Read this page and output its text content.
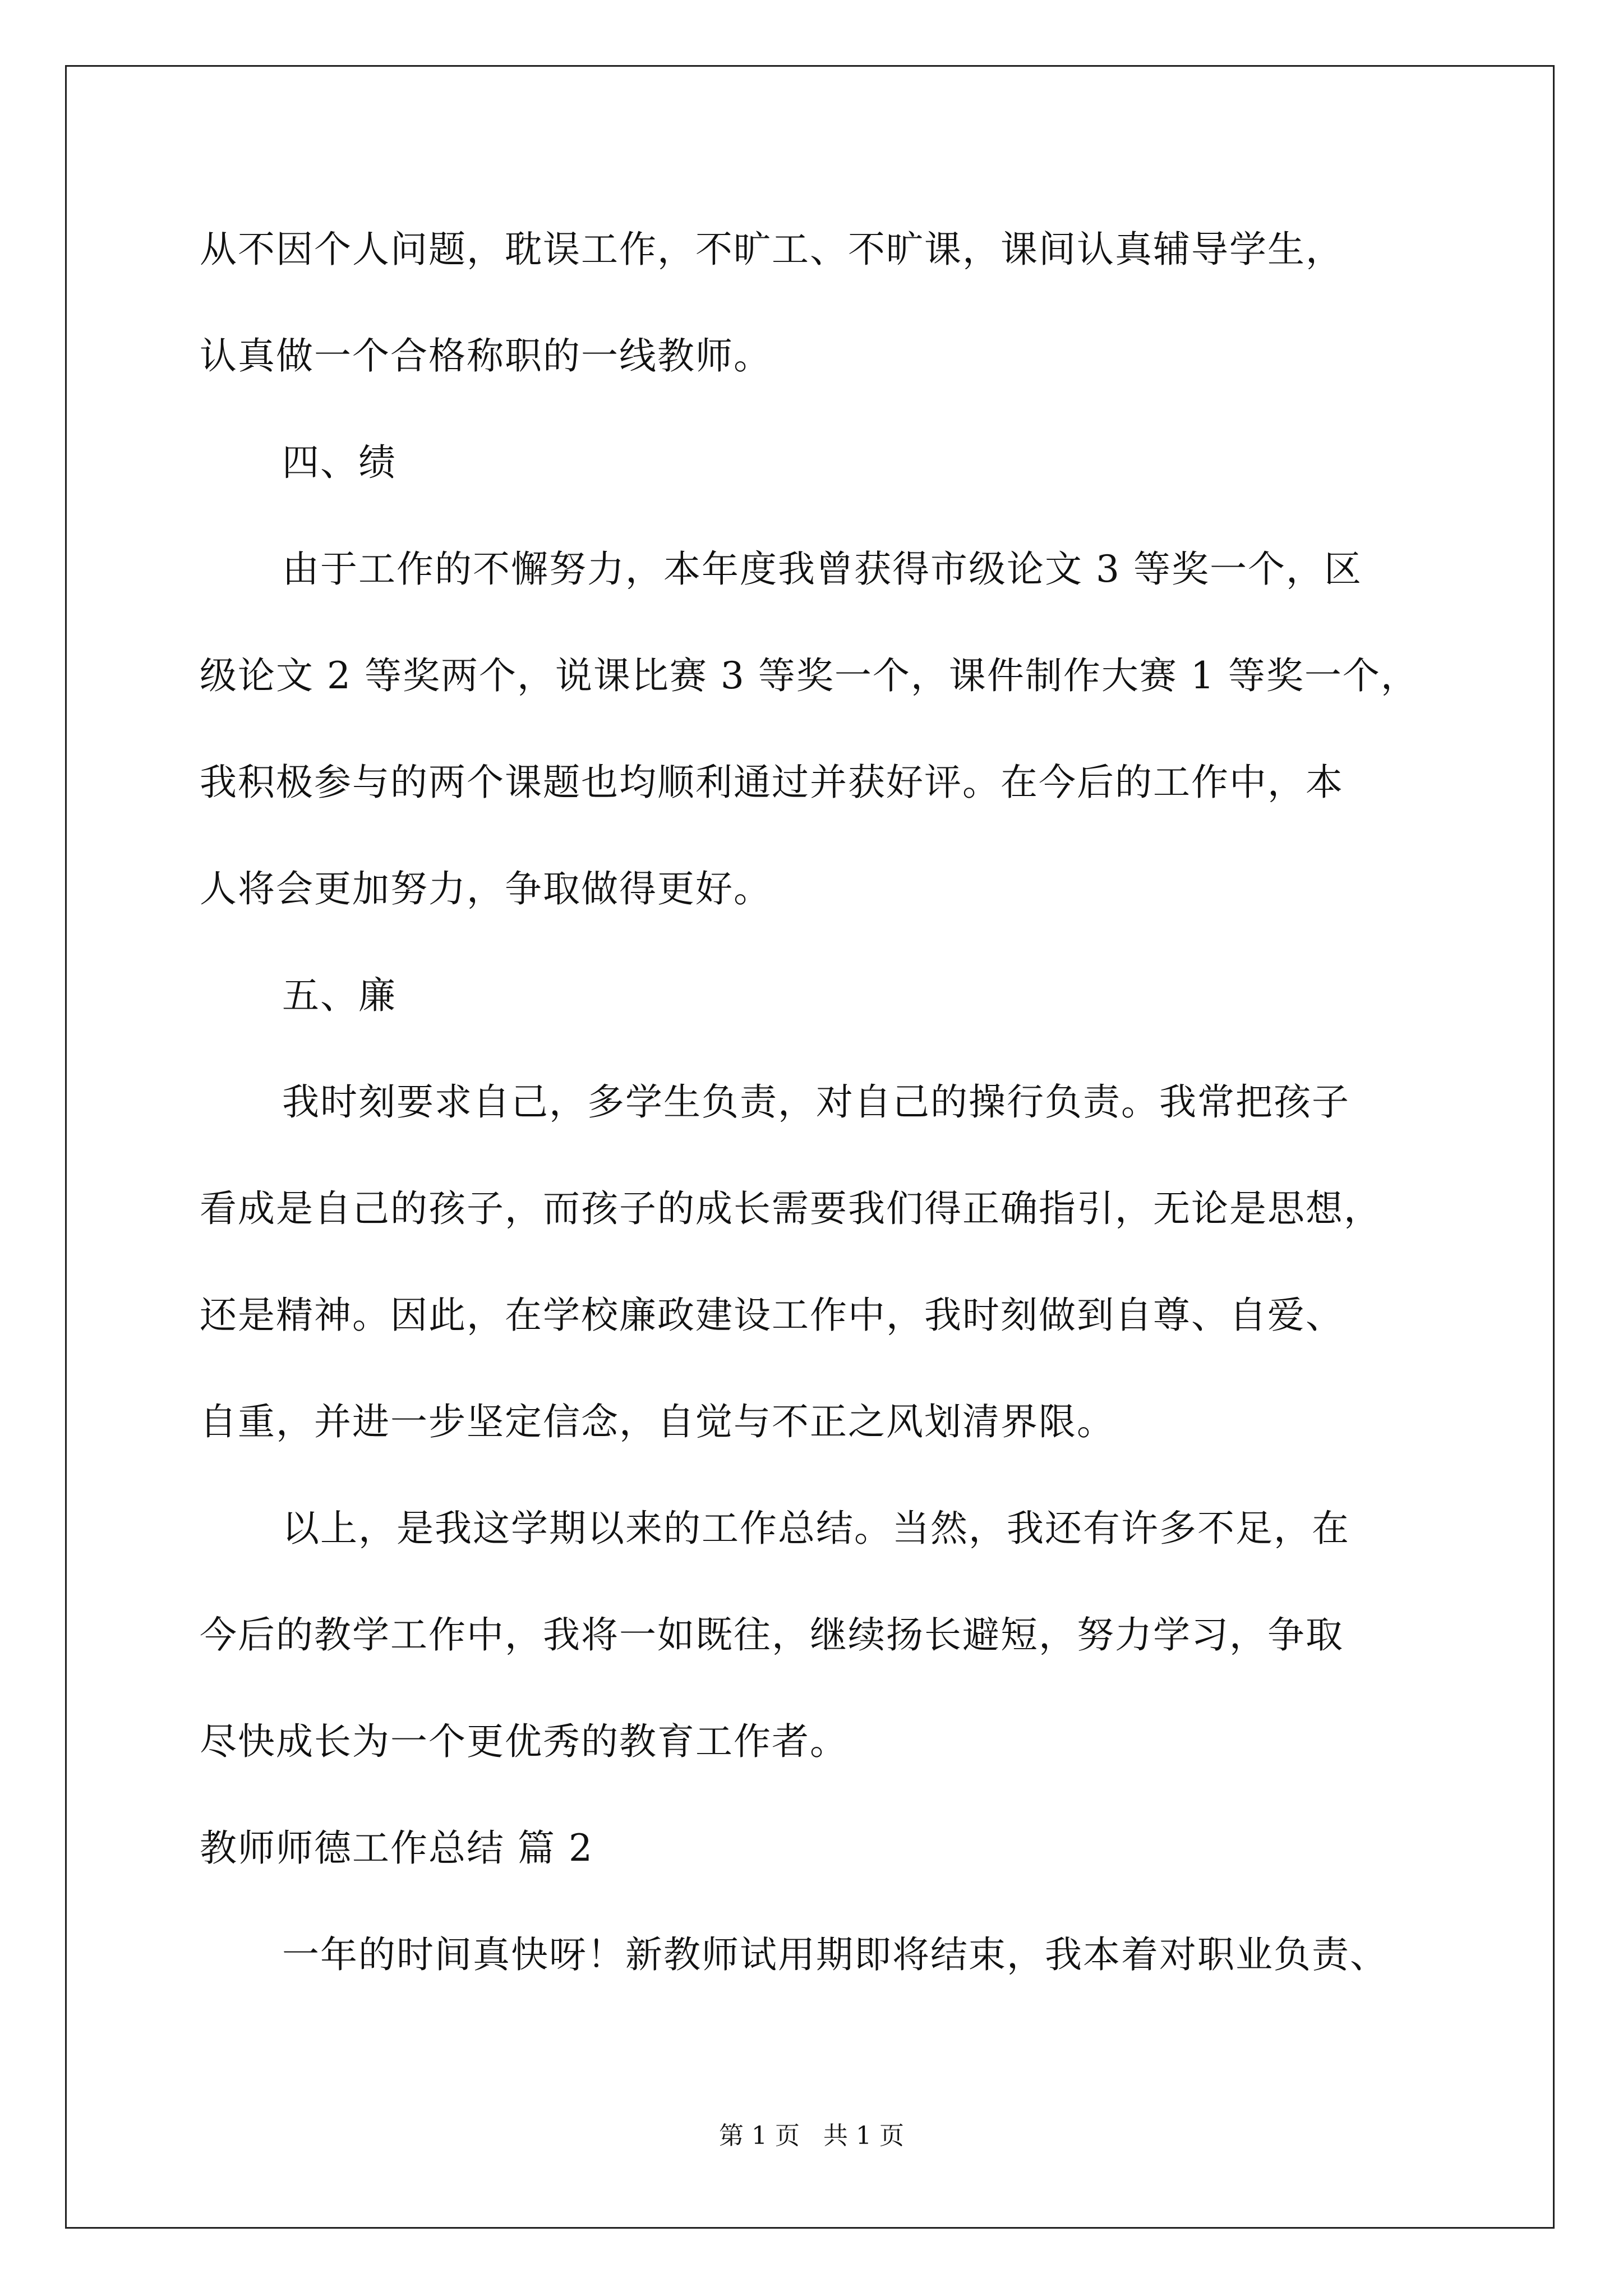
从不因个人问题，耽误工作，不旷工、不旷课，课间认真辅导学生，
认真做一个合格称职的一线教师。
四、绩
由于工作的不懈努力，本年度我曾获得市级论文 3 等奖一个，区
级论文 2 等奖两个，说课比赛 3 等奖一个，课件制作大赛 1 等奖一个，
我积极参与的两个课题也均顺利通过并获好评。在今后的工作中，本
人将会更加努力，争取做得更好。
五、廉
我时刻要求自己，多学生负责，对自己的操行负责。我常把孩子
看成是自己的孩子，而孩子的成长需要我们得正确指引，无论是思想，
还是精神。因此，在学校廉政建设工作中，我时刻做到自尊、自爱、
自重，并进一步坚定信念，自觉与不正之风划清界限。
以上，是我这学期以来的工作总结。当然，我还有许多不足，在
今后的教学工作中，我将一如既往，继续扬长避短，努力学习，争取
尽快成长为一个更优秀的教育工作者。
教师师德工作总结 篇 2
一年的时间真快呀！新教师试用期即将结束，我本着对职业负责、
第 1 页   共 1 页
